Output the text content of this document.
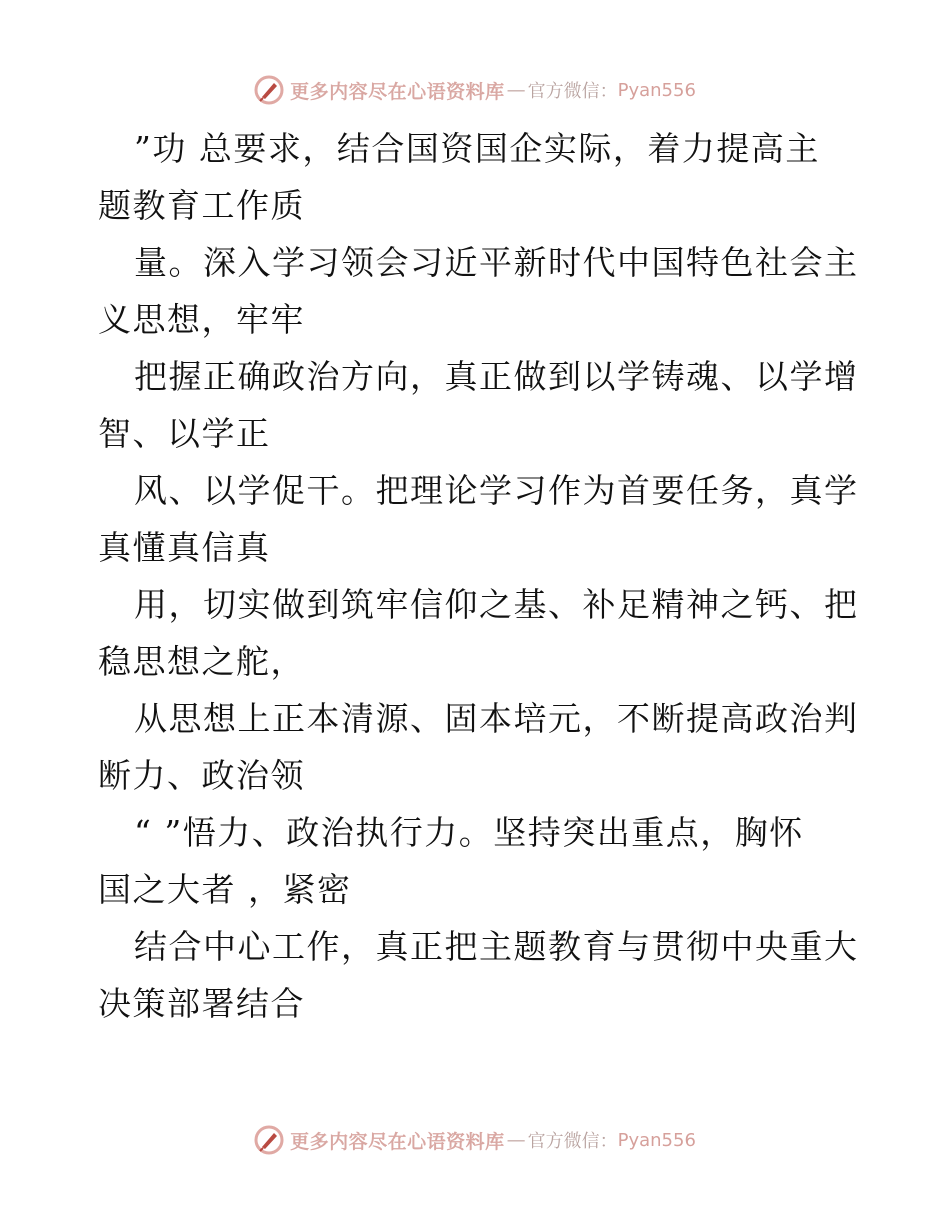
更多内容尽在心语资料库 — 官方微信： Pyan556
”功 总要求，结合国资国企实际，着力提高主
题教育工作质
量。深入学习领会习近平新时代中国特色社会主
义思想，牢牢
把握正确政治方向，真正做到以学铸魂、以学增
智、以学正
风、以学促干。把理论学习作为首要任务，真学
真懂真信真
用，切实做到筑牢信仰之基、补足精神之钙、把
稳思想之舵，
从思想上正本清源、固本培元，不断提高政治判
断力、政治领
“ ”悟力、政治执行力。坚持突出重点，胸怀
国之大者 ，紧密
结合中心工作，真正把主题教育与贯彻中央重大
决策部署结合
更多内容尽在心语资料库 — 官方微信： Pyan556
